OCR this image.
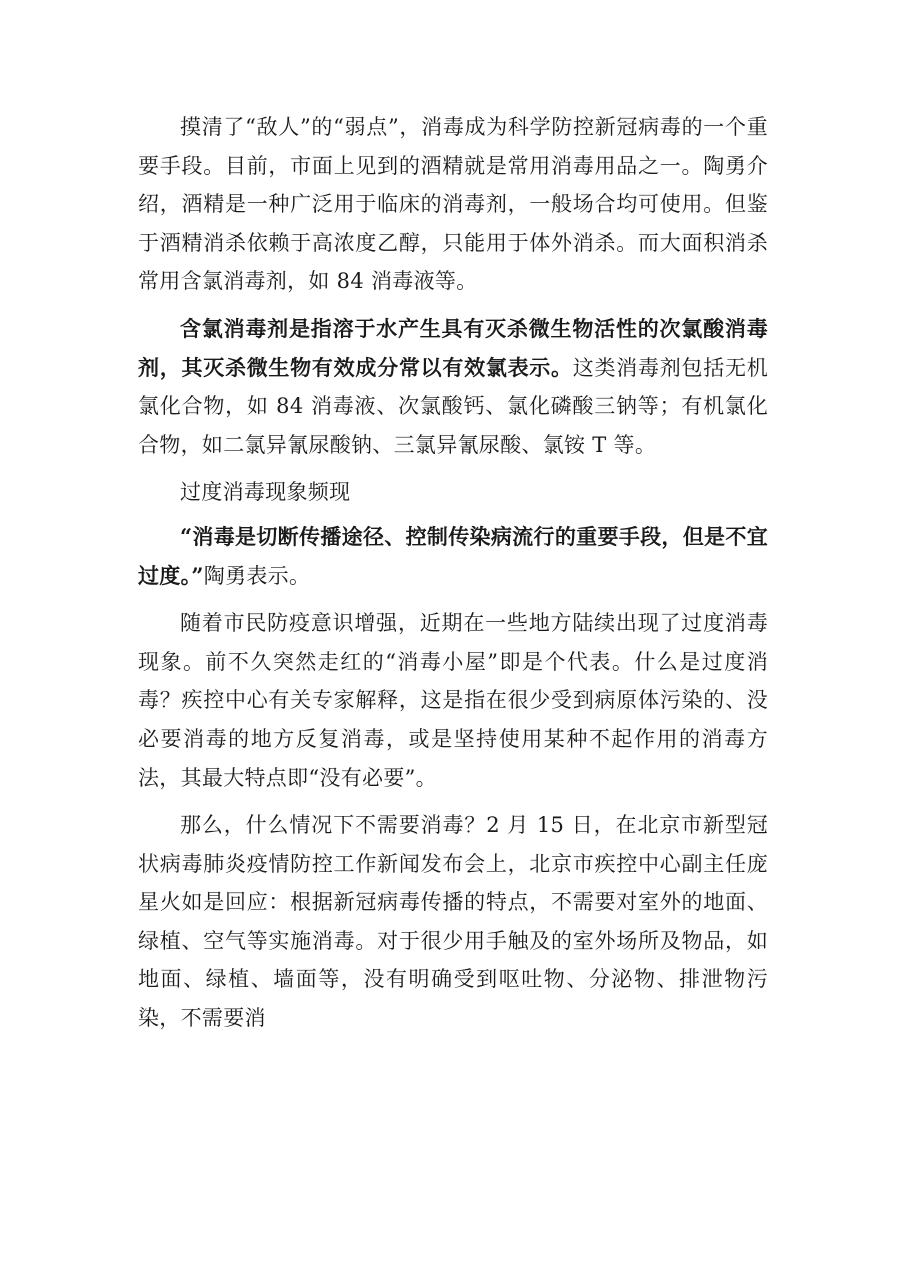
摸清了“敌人”的“弱点”，消毒成为科学防控新冠病毒的一个重要手段。目前，市面上见到的酒精就是常用消毒用品之一。陶勇介绍，酒精是一种广泛用于临床的消毒剂，一般场合均可使用。但鉴于酒精消杀依赖于高浓度乙醇，只能用于体外消杀。而大面积消杀常用含氯消毒剂，如 84 消毒液等。

含氯消毒剂是指溶于水产生具有灭杀微生物活性的次氯酸消毒剂，其灭杀微生物有效成分常以有效氯表示。这类消毒剂包括无机氯化合物，如 84 消毒液、次氯酸钙、氯化磷酸三钠等；有机氯化合物，如二氯异氰尿酸钠、三氯异氰尿酸、氯铵 T 等。

过度消毒现象频现

“消毒是切断传播途径、控制传染病流行的重要手段，但是不宜过度。”陶勇表示。

随着市民防疫意识增强，近期在一些地方陆续出现了过度消毒现象。前不久突然走红的“消毒小屋”即是个代表。什么是过度消毒？疾控中心有关专家解释，这是指在很少受到病原体污染的、没必要消毒的地方反复消毒，或是坚持使用某种不起作用的消毒方法，其最大特点即“没有必要”。

那么，什么情况下不需要消毒？2 月 15 日，在北京市新型冠状病毒肺炎疫情防控工作新闻发布会上，北京市疾控中心副主任庞星火如是回应：根据新冠病毒传播的特点，不需要对室外的地面、绿植、空气等实施消毒。对于很少用手触及的室外场所及物品，如地面、绿植、墙面等，没有明确受到呕吐物、分泌物、排泄物污染，不需要消
